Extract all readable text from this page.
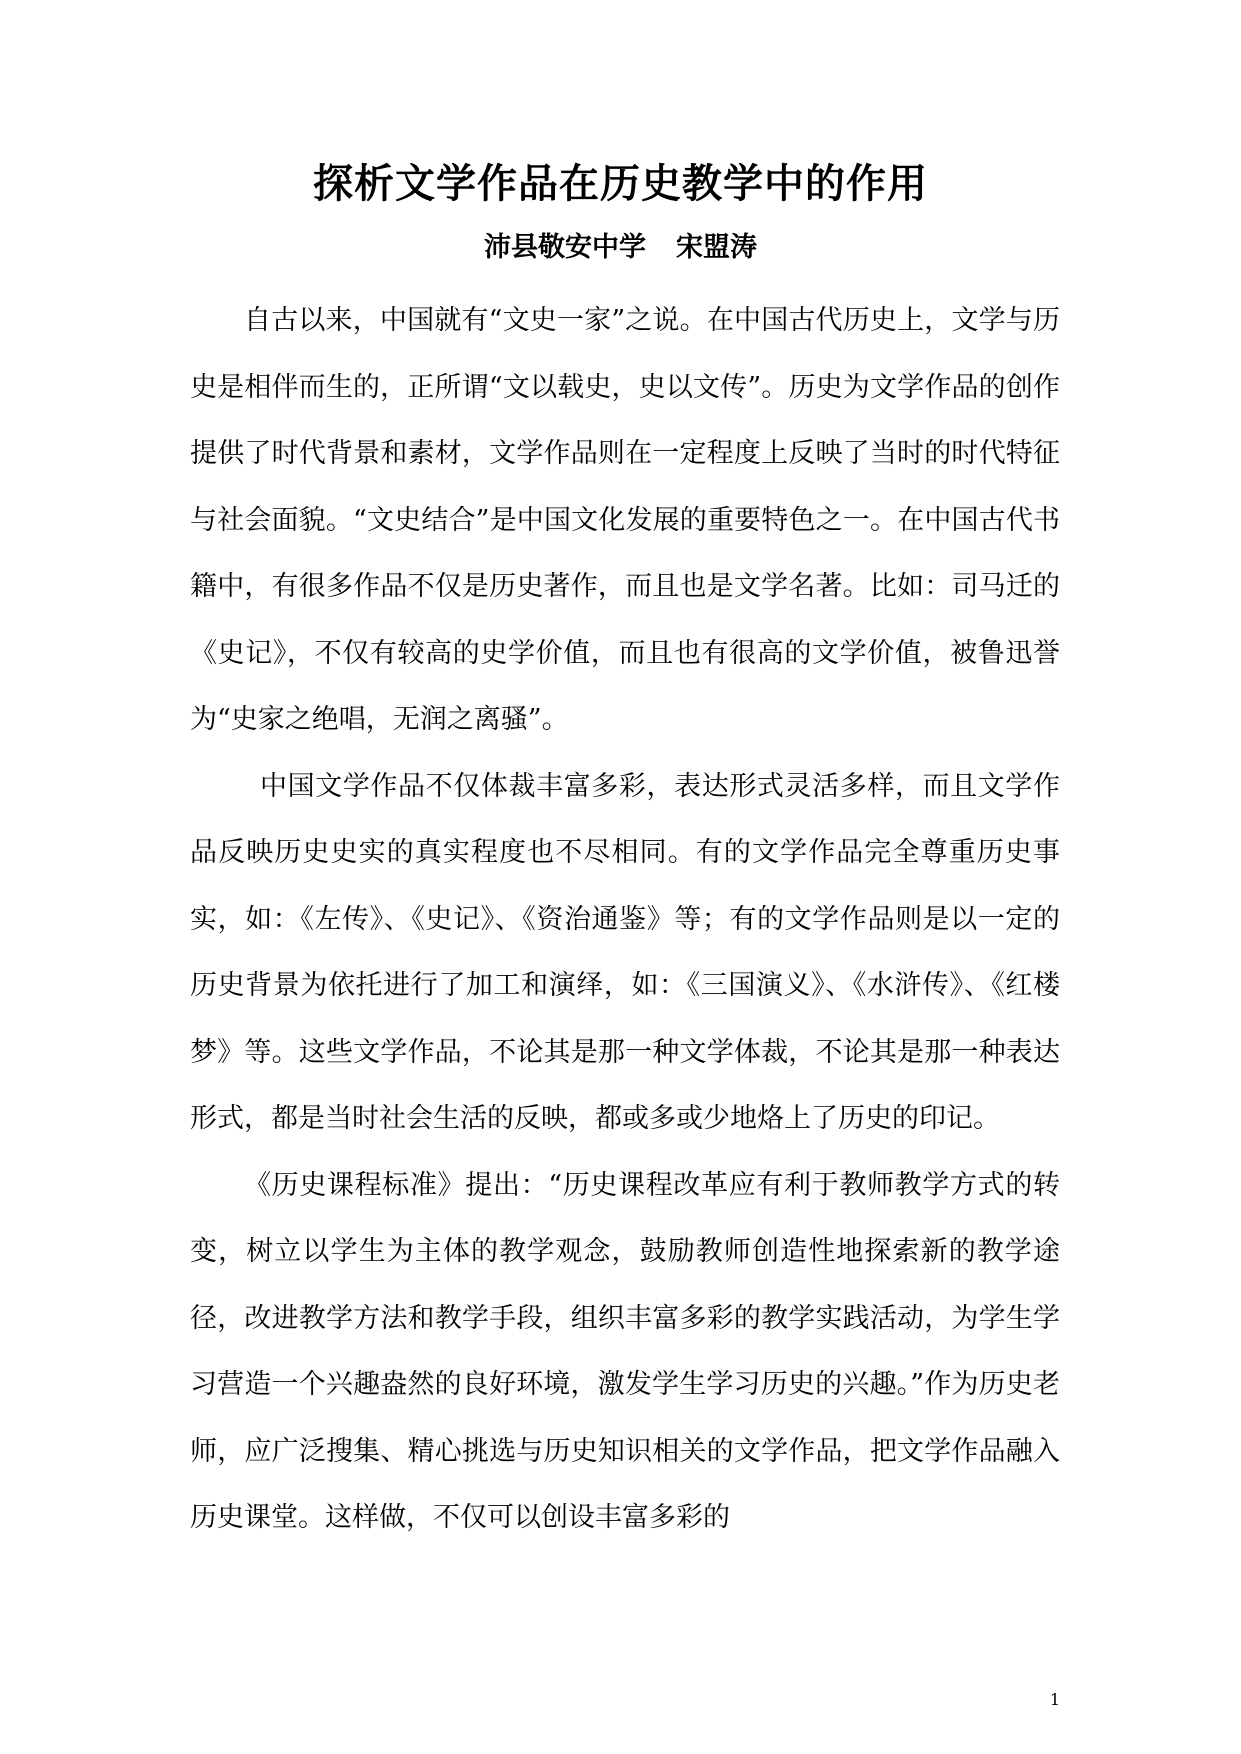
探析文学作品在历史教学中的作用

沛县敬安中学 宋盟涛

自古以来，中国就有“文史一家”之说。在中国古代历史上，文学与历史是相伴而生的，正所谓“文以载史，史以文传”。历史为文学作品的创作提供了时代背景和素材，文学作品则在一定程度上反映了当时的时代特征与社会面貌。“文史结合”是中国文化发展的重要特色之一。在中国古代书籍中，有很多作品不仅是历史著作，而且也是文学名著。比如：司马迁的《史记》，不仅有较高的史学价值，而且也有很高的文学价值，被鲁迅誉为“史家之绝唱，无润之离骚”。

中国文学作品不仅体裁丰富多彩，表达形式灵活多样，而且文学作品反映历史史实的真实程度也不尽相同。有的文学作品完全尊重历史事实，如：《左传》、《史记》、《资治通鉴》等；有的文学作品则是以一定的历史背景为依托进行了加工和演绎，如：《三国演义》、《水浒传》、《红楼梦》等。这些文学作品，不论其是那一种文学体裁，不论其是那一种表达形式，都是当时社会生活的反映，都或多或少地烙上了历史的印记。

《历史课程标准》提出：“历史课程改革应有利于教师教学方式的转变，树立以学生为主体的教学观念，鼓励教师创造性地探索新的教学途径，改进教学方法和教学手段，组织丰富多彩的教学实践活动，为学生学习营造一个兴趣盎然的良好环境，激发学生学习历史的兴趣。”作为历史老师，应广泛搜集、精心挑选与历史知识相关的文学作品，把文学作品融入历史课堂。这样做，不仅可以创设丰富多彩的

1
